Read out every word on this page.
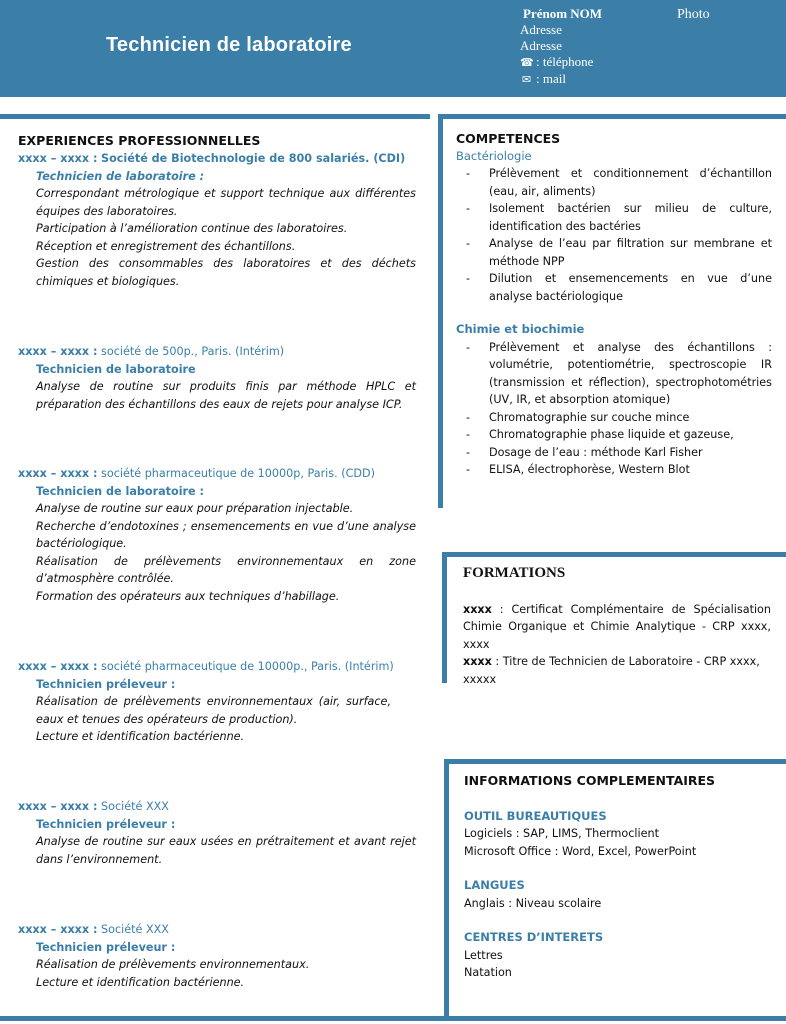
Technicien de laboratoire
Prénom NOM
Adresse
Adresse
☎ : téléphone
✉ : mail
Photo
EXPERIENCES PROFESSIONNELLES
xxxx – xxxx : Société de Biotechnologie de 800 salariés. (CDI)
Technicien de laboratoire :
Correspondant métrologique et support technique aux différentes équipes des laboratoires.
Participation à l’amélioration continue des laboratoires.
Réception et enregistrement des échantillons.
Gestion des consommables des laboratoires et des déchets chimiques et biologiques.
xxxx – xxxx : société de 500p., Paris. (Intérim)
Technicien de laboratoire
Analyse de routine sur produits finis par méthode HPLC et préparation des échantillons des eaux de rejets pour analyse ICP.
xxxx – xxxx : société pharmaceutique de 10000p, Paris. (CDD)
Technicien de laboratoire :
Analyse de routine sur eaux pour préparation injectable.
Recherche d’endotoxines ; ensemencements en vue d’une analyse bactériologique.
Réalisation de prélèvements environnementaux en zone d’atmosphère contrôlée.
Formation des opérateurs aux techniques d’habillage.
xxxx – xxxx : société pharmaceutique de 10000p., Paris. (Intérim)
Technicien préleveur :
Réalisation de prélèvements environnementaux (air, surface, eaux et tenues des opérateurs de production).
Lecture et identification bactérienne.
xxxx – xxxx : Société XXX
Technicien préleveur :
Analyse de routine sur eaux usées en prétraitement et avant rejet dans l’environnement.
xxxx – xxxx : Société XXX
Technicien préleveur :
Réalisation de prélèvements environnementaux.
Lecture et identification bactérienne.
COMPETENCES
Bactériologie
- Prélèvement et conditionnement d’échantillon (eau, air, aliments)
- Isolement bactérien sur milieu de culture, identification des bactéries
- Analyse de l’eau par filtration sur membrane et méthode NPP
- Dilution et ensemencements en vue d’une analyse bactériologique
Chimie et biochimie
- Prélèvement et analyse des échantillons : volumétrie, potentiométrie, spectroscopie IR (transmission et réflection), spectrophotométries (UV, IR, et absorption atomique)
- Chromatographie sur couche mince
- Chromatographie phase liquide et gazeuse,
- Dosage de l’eau : méthode Karl Fisher
- ELISA, électrophorèse, Western Blot
FORMATIONS
xxxx : Certificat Complémentaire de Spécialisation Chimie Organique et Chimie Analytique - CRP xxxx, xxxx
xxxx : Titre de Technicien de Laboratoire - CRP xxxx, xxxxx
INFORMATIONS COMPLEMENTAIRES
OUTIL BUREAUTIQUES
Logiciels : SAP, LIMS, Thermoclient
Microsoft Office : Word, Excel, PowerPoint
LANGUES
Anglais : Niveau scolaire
CENTRES D’INTERETS
Lettres
Natation
